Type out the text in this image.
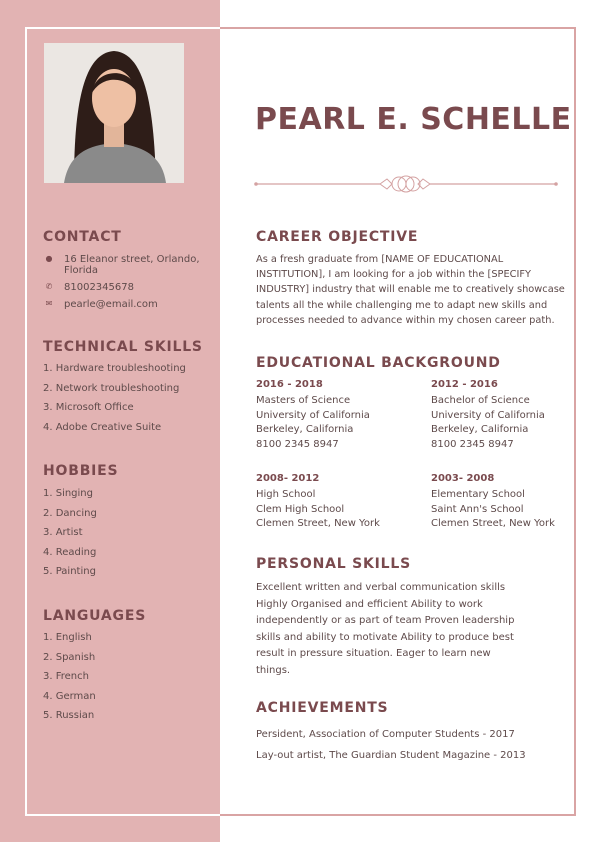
CONTACT
● 16 Eleanor street, Orlando, Florida
✆ 81002345678
✉ pearle@email.com
TECHNICAL SKILLS
1. Hardware troubleshooting
2. Network troubleshooting
3. Microsoft Office
4. Adobe Creative Suite
HOBBIES
1. Singing
2. Dancing
3. Artist
4. Reading
5. Painting
LANGUAGES
1. English
2. Spanish
3. French
4. German
5. Russian
PEARL E. SCHELLE
CAREER OBJECTIVE
As a fresh graduate from [NAME OF EDUCATIONAL INSTITUTION], I am looking for a job within the [SPECIFY INDUSTRY] industry that will enable me to creatively showcase talents all the while challenging me to adapt new skills and processes needed to advance within my chosen career path.
EDUCATIONAL BACKGROUND
2016 - 2018
Masters of Science
University of California
Berkeley, California
8100 2345 8947
2012 - 2016
Bachelor of Science
University of California
Berkeley, California
8100 2345 8947
2008- 2012
High School
Clem High School
Clemen Street, New York
2003- 2008
Elementary School
Saint Ann's School
Clemen Street, New York
PERSONAL SKILLS
Excellent written and verbal communication skills Highly Organised and efficient Ability to work independently or as part of team Proven leadership skills and ability to motivate Ability to produce best result in pressure situation. Eager to learn new things.
ACHIEVEMENTS
Persident, Association of Computer Students - 2017
Lay-out artist, The Guardian Student Magazine - 2013
